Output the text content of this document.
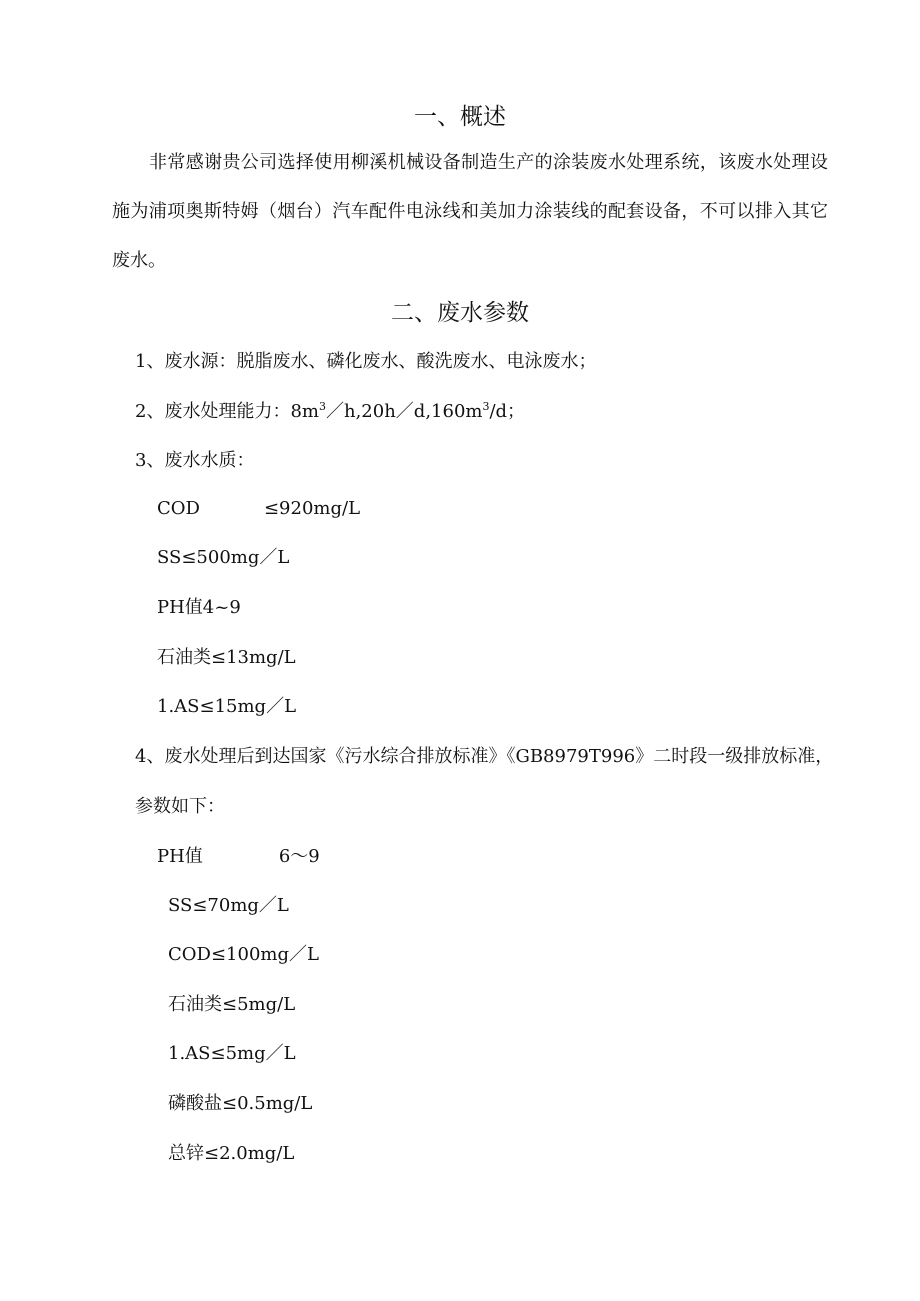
一、概述
非常感谢贵公司选择使用柳溪机械设备制造生产的涂装废水处理系统，该废水处理设施为浦项奥斯特姆（烟台）汽车配件电泳线和美加力涂装线的配套设备，不可以排入其它废水。
二、废水参数
1、废水源：脱脂废水、磷化废水、酸洗废水、电泳废水；
2、废水处理能力：$8m^3/h,20h/d,160m^3/d$；
3、废水水质：
COD	≤920mg/L
SS≤500mg／L
PH值4~9
石油类≤13mg/L
1.AS≤15mg／L
4、废水处理后到达国家《污水综合排放标准》《GB8979T996》二时段一级排放标准，
参数如下：
PH值	6～9
SS≤70mg／L
COD≤100mg／L
石油类≤5mg/L
1.AS≤5mg／L
磷酸盐≤0.5mg/L
总锌≤2.0mg/L
